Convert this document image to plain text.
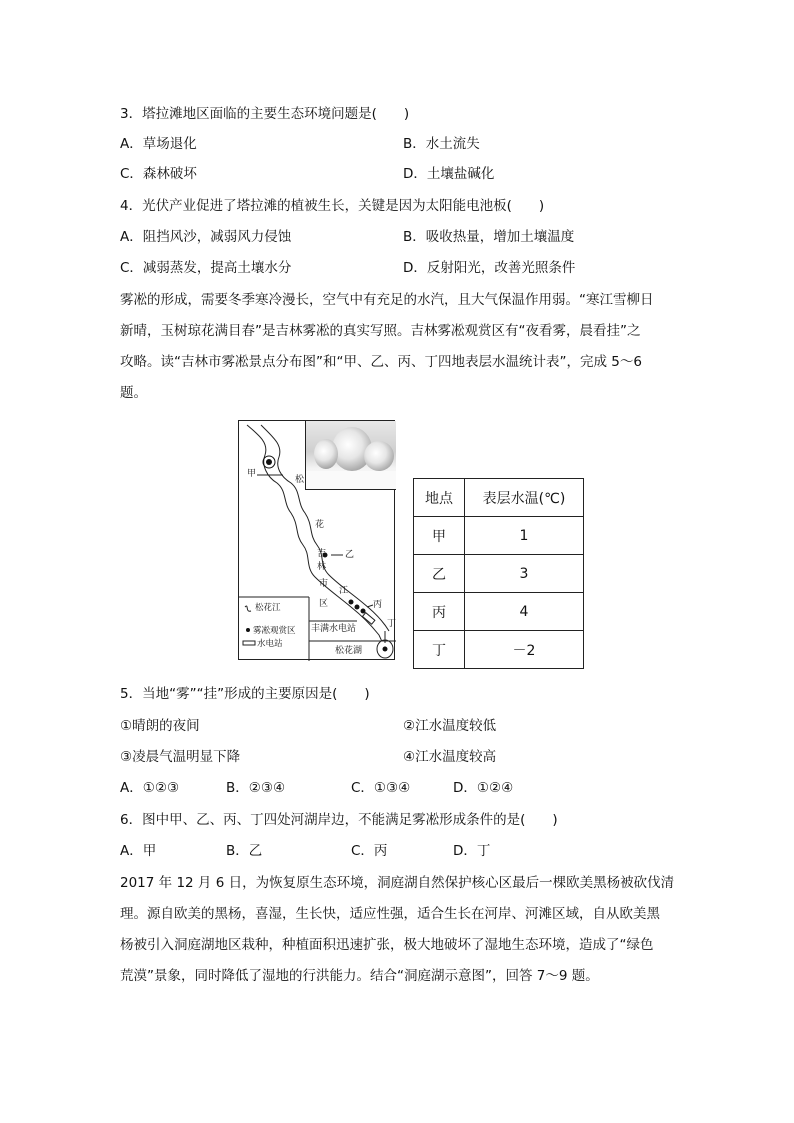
3．塔拉滩地区面临的主要生态环境问题是(　　)
A．草场退化	B．水土流失
C．森林破坏	D．土壤盐碱化
4．光伏产业促进了塔拉滩的植被生长，关键是因为太阳能电池板(　　)
A．阻挡风沙，减弱风力侵蚀	B．吸收热量，增加土壤温度
C．减弱蒸发，提高土壤水分	D．反射阳光，改善光照条件
雾凇的形成，需要冬季寒冷漫长，空气中有充足的水汽，且大气保温作用弱。“寒江雪柳日
新晴，玉树琼花满目春”是吉林雾凇的真实写照。吉林雾凇观赏区有“夜看雾，晨看挂”之
攻略。读“吉林市雾凇景点分布图”和“甲、乙、丙、丁四地表层水温统计表”，完成 5～6
题。
甲
松
花
吉 乙
林
市
江
区	丙
丁
丰满水电站
松花湖
松花江
雾凇观赏区
水电站
地点	表层水温(℃)
甲	1
乙	3
丙	4
丁	－2
5．当地“雾”“挂”形成的主要原因是(　　)
①晴朗的夜间	②江水温度较低
③凌晨气温明显下降	④江水温度较高
A．①②③	B．②③④	C．①③④	D．①②④
6．图中甲、乙、丙、丁四处河湖岸边，不能满足雾凇形成条件的是(　　)
A．甲	B．乙	C．丙	D．丁
2017 年 12 月 6 日，为恢复原生态环境，洞庭湖自然保护核心区最后一棵欧美黑杨被砍伐清
理。源自欧美的黑杨，喜湿，生长快，适应性强，适合生长在河岸、河滩区域，自从欧美黑
杨被引入洞庭湖地区栽种，种植面积迅速扩张，极大地破坏了湿地生态环境，造成了“绿色
荒漠”景象，同时降低了湿地的行洪能力。结合“洞庭湖示意图”，回答 7～9 题。
